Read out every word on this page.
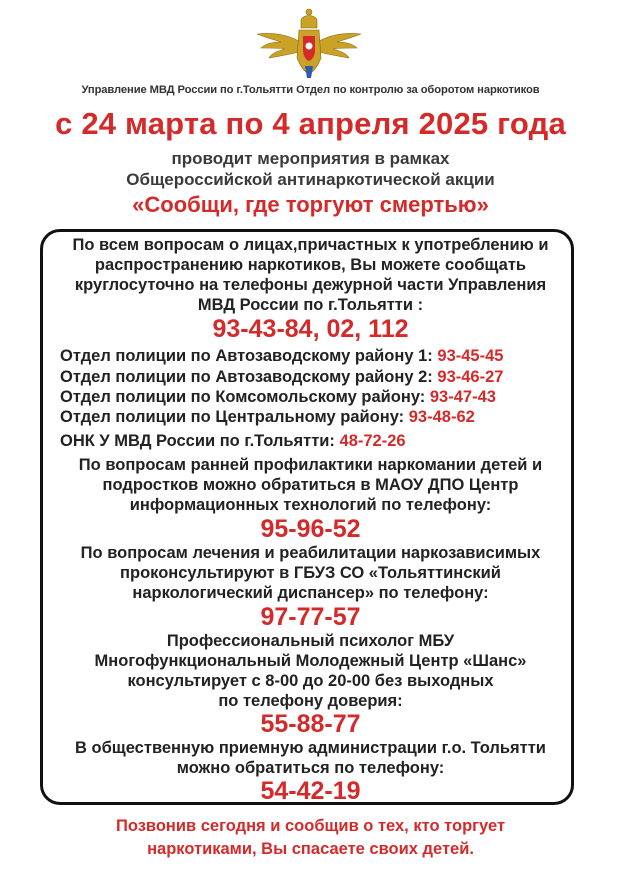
Управление МВД России по г.Тольятти Отдел по контролю за оборотом наркотиков
с 24 марта по 4 апреля 2025 года
проводит мероприятия в рамках
Общероссийской антинаркотической акции
«Сообщи, где торгуют смертью»
По всем вопросам о лицах,причастных к употреблению и
распространению наркотиков, Вы можете сообщать
круглосуточно на телефоны дежурной части Управления
МВД России по г.Тольятти :
93-43-84, 02, 112
Отдел полиции по Автозаводскому району 1: 93-45-45
Отдел полиции по Автозаводскому району 2: 93-46-27
Отдел полиции по Комсомольскому району: 93-47-43
Отдел полиции по Центральному району: 93-48-62
ОНК У МВД России по г.Тольятти: 48-72-26
По вопросам ранней профилактики наркомании детей и
подростков можно обратиться в МАОУ ДПО Центр
информационных технологий по телефону:
95-96-52
По вопросам лечения и реабилитации наркозависимых
проконсультируют в ГБУЗ СО «Тольяттинский
наркологический диспансер» по телефону:
97-77-57
Профессиональный психолог МБУ
Многофункциональный Молодежный Центр «Шанс»
консультирует с 8-00 до 20-00 без выходных
по телефону доверия:
55-88-77
В общественную приемную администрации г.о. Тольятти
можно обратиться по телефону:
54-42-19
Позвонив сегодня и сообщив о тех, кто торгует
наркотиками, Вы спасаете своих детей.
